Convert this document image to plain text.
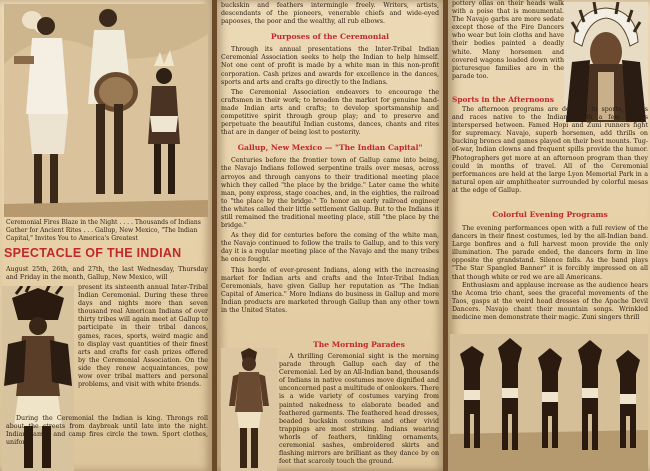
Ceremonial Fires Blaze in the Night . . . . Thousands of Indians Gather for Ancient Rites . . . Gallup, New Mexico, "The Indian Capital," Invites You to America's Greatest

SPECTACLE OF THE INDIAN

August 25th, 26th, and 27th, the last Wednesday, Thursday and Friday in the month, Gallup, New Mexico, will

present its sixteenth annual Inter-Tribal Indian Ceremonial. During these three days and nights more than seven thousand real American Indians of over thirty tribes will again meet at Gallup to participate in their tribal dances, games, races, sports, weird magic and to display vast quantities of their finest arts and crafts for cash prizes offered by the Ceremonial Association. On the side they renew acquaintances, pow wow over tribal matters and personal problems, and visit with white friends.

During the Ceremonial the Indian is king. Throngs roll about the streets from daybreak until late into the night. Indian camps and camp fires circle the town. Sport clothes, uniform,

buckskin and feathers intermingle freely. Writers, artists, descendants of the pioneers, venerable chiefs and wide-eyed papooses, the poor and the wealthy, all rub elbows.

Purposes of the Ceremonial

Through its annual presentations the Inter-Tribal Indian Ceremonial Association seeks to help the Indian to help himself. Not one cent of profit is made by a white man in this non-profit corporation. Cash prizes and awards for excellence in the dances, sports and arts and crafts go directly to the Indians.

The Ceremonial Association endeavors to encourage the craftsmen in their work; to broaden the market for genuine hand-made Indian arts and crafts; to develop sportsmanship and competitive spirit through group play; and to preserve and perpetuate the beautiful Indian customs, dances, chants and rites that are in danger of being lost to posterity.

Gallup, New Mexico — "The Indian Capital"

Centuries before the frontier town of Gallup came into being, the Navajo Indians followed serpentine trails over mesas, across arroyos and through canyons to their traditional meeting place which they called "the place by the bridge." Later came the white man, pony express, stage coaches, and, in the eighties, the railroad to "the place by the bridge." To honor an early railroad engineer the whites called their little settlement Gallup. But to the Indians it still remained the traditional meeting place, still "the place by the bridge."

As they did for centuries before the coming of the white man, the Navajo continued to follow the trails to Gallup, and to this very day it is a regular meeting place of the Navajo and the many tribes he once fought.

This horde of ever-present Indians, along with the increasing market for Indian arts and crafts and the Inter-Tribal Indian Ceremonials, have given Gallup her reputation as "The Indian Capital of America." More Indians do business in Gallup and more Indian products are marketed through Gallup than any other town in the United States.

The Morning Parades

A thrilling Ceremonial sight is the morning parade through Gallup each day of the Ceremonial. Led by an All-Indian band, thousands of Indians in native costumes move dignified and unconcerned past a multitude of onlookers. There is a wide variety of costumes varying from painted nakedness to elaborate beaded and feathered garments. The feathered head dresses, beaded buckskin costumes and other vivid trappings are most striking. Indians wearing whorls of feathers, tinkling ornaments, ceremonial sashes, embroidered skirts and flashing mirrors are brilliant as they dance by on feet that scarcely touch the ground.

pottery ollas on their heads walk with a poise that is monumental. The Navajo garbs are more sedate except those of the Fire Dancers who wear but loin cloths and have their bodies painted a deadly white. Many horsemen and covered wagons loaded down with picturesque families are in the parade too.

Sports in the Afternoons

The afternoon programs are devoted to sports, games and races native to the Indians, with a few dances interspersed between. Famed Hopi and Zuni runners fight for supremacy. Navajo, superb horsemen, add thrills on bucking broncs and games played on their best mounts. Tug-of-war, Indian clowns and frequent spills provide the humor. Photographers get more at an afternoon program than they could in months of travel. All of the Ceremonial performances are held at the large Lyon Memorial Park in a natural open air amphitheater surrounded by colorful mesas at the edge of Gallup.

Colorful Evening Programs

The evening performances open with a full review of the dancers in their finest costumes, led by the all-Indian band. Large bonfires and a full harvest moon provide the only illumination. The parade ended, the dancers form in line opposite the grandstand. Silence falls. As the band plays "The Star Spangled Banner" it is forcibly impressed on all that though white or red we are all Americans.

Enthusiasm and applause increase as the audience hears the Acoma trio chant, sees the graceful movements of the Taos, gasps at the weird head dresses of the Apache Devil Dancers. Navajo chant their mountain songs. Wrinkled medicine men demonstrate their magic. Zuni singers thrill
